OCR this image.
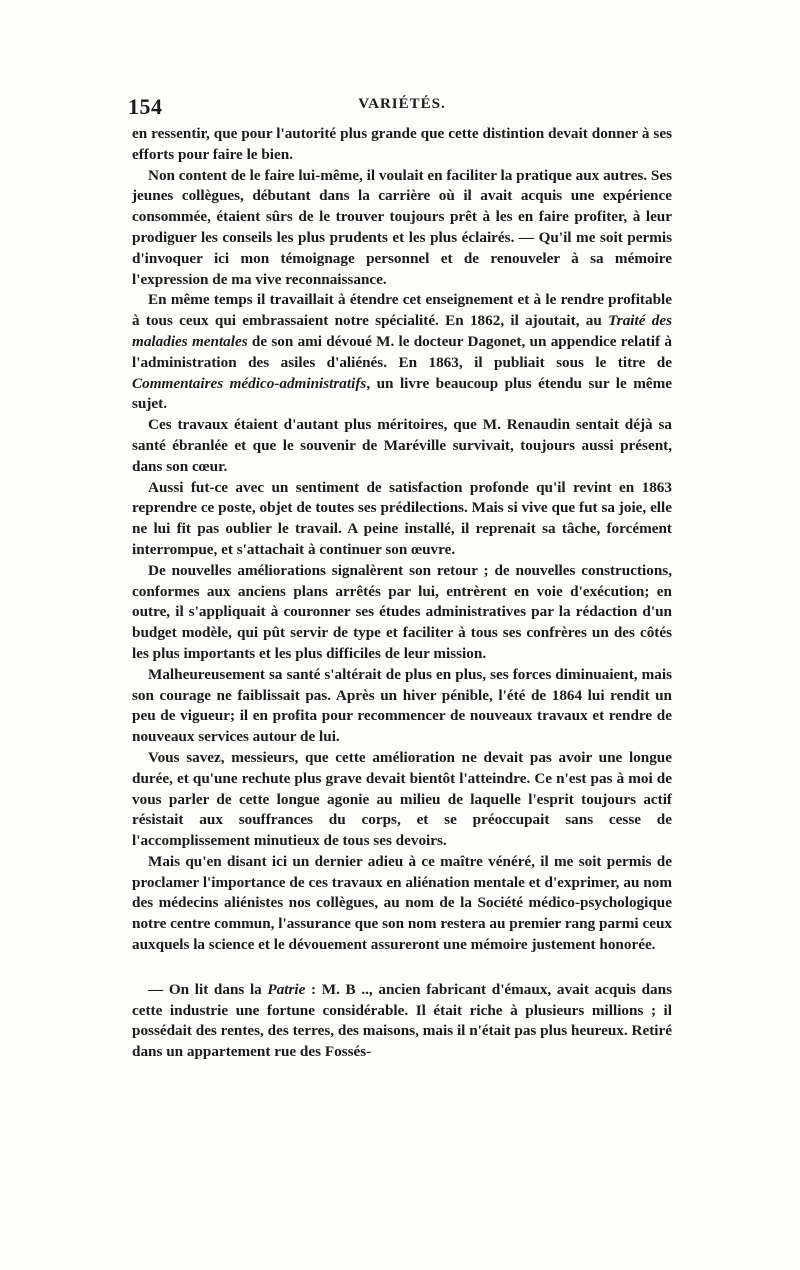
154	VARIÉTÉS.

en ressentir, que pour l'autorité plus grande que cette distintion devait donner à ses efforts pour faire le bien.

Non content de le faire lui-même, il voulait en faciliter la pratique aux autres. Ses jeunes collègues, débutant dans la carrière où il avait acquis une expérience consommée, étaient sûrs de le trouver toujours prêt à les en faire profiter, à leur prodiguer les conseils les plus prudents et les plus éclairés. — Qu'il me soit permis d'invoquer ici mon témoignage personnel et de renouveler à sa mémoire l'expression de ma vive reconnaissance.

En même temps il travaillait à étendre cet enseignement et à le rendre profitable à tous ceux qui embrassaient notre spécialité. En 1862, il ajoutait, au Traité des maladies mentales de son ami dévoué M. le docteur Dagonet, un appendice relatif à l'administration des asiles d'aliénés. En 1863, il publiait sous le titre de Commentaires médico-administratifs, un livre beaucoup plus étendu sur le même sujet.

Ces travaux étaient d'autant plus méritoires, que M. Renaudin sentait déjà sa santé ébranlée et que le souvenir de Maréville survivait, toujours aussi présent, dans son cœur.

Aussi fut-ce avec un sentiment de satisfaction profonde qu'il revint en 1863 reprendre ce poste, objet de toutes ses prédilections. Mais si vive que fut sa joie, elle ne lui fit pas oublier le travail. A peine installé, il reprenait sa tâche, forcément interrompue, et s'attachait à continuer son œuvre.

De nouvelles améliorations signalèrent son retour ; de nouvelles constructions, conformes aux anciens plans arrêtés par lui, entrèrent en voie d'exécution; en outre, il s'appliquait à couronner ses études administratives par la rédaction d'un budget modèle, qui pût servir de type et faciliter à tous ses confrères un des côtés les plus importants et les plus difficiles de leur mission.

Malheureusement sa santé s'altérait de plus en plus, ses forces diminuaient, mais son courage ne faiblissait pas. Après un hiver pénible, l'été de 1864 lui rendit un peu de vigueur; il en profita pour recommencer de nouveaux travaux et rendre de nouveaux services autour de lui.

Vous savez, messieurs, que cette amélioration ne devait pas avoir une longue durée, et qu'une rechute plus grave devait bientôt l'atteindre. Ce n'est pas à moi de vous parler de cette longue agonie au milieu de laquelle l'esprit toujours actif résistait aux souffrances du corps, et se préoccupait sans cesse de l'accomplissement minutieux de tous ses devoirs.

Mais qu'en disant ici un dernier adieu à ce maître vénéré, il me soit permis de proclamer l'importance de ces travaux en aliénation mentale et d'exprimer, au nom des médecins aliénistes nos collègues, au nom de la Société médico-psychologique notre centre commun, l'assurance que son nom restera au premier rang parmi ceux auxquels la science et le dévouement assureront une mémoire justement honorée.

— On lit dans la Patrie : M. B .., ancien fabricant d'émaux, avait acquis dans cette industrie une fortune considérable. Il était riche à plusieurs millions ; il possédait des rentes, des terres, des maisons, mais il n'était pas plus heureux. Retiré dans un appartement rue des Fossés-
